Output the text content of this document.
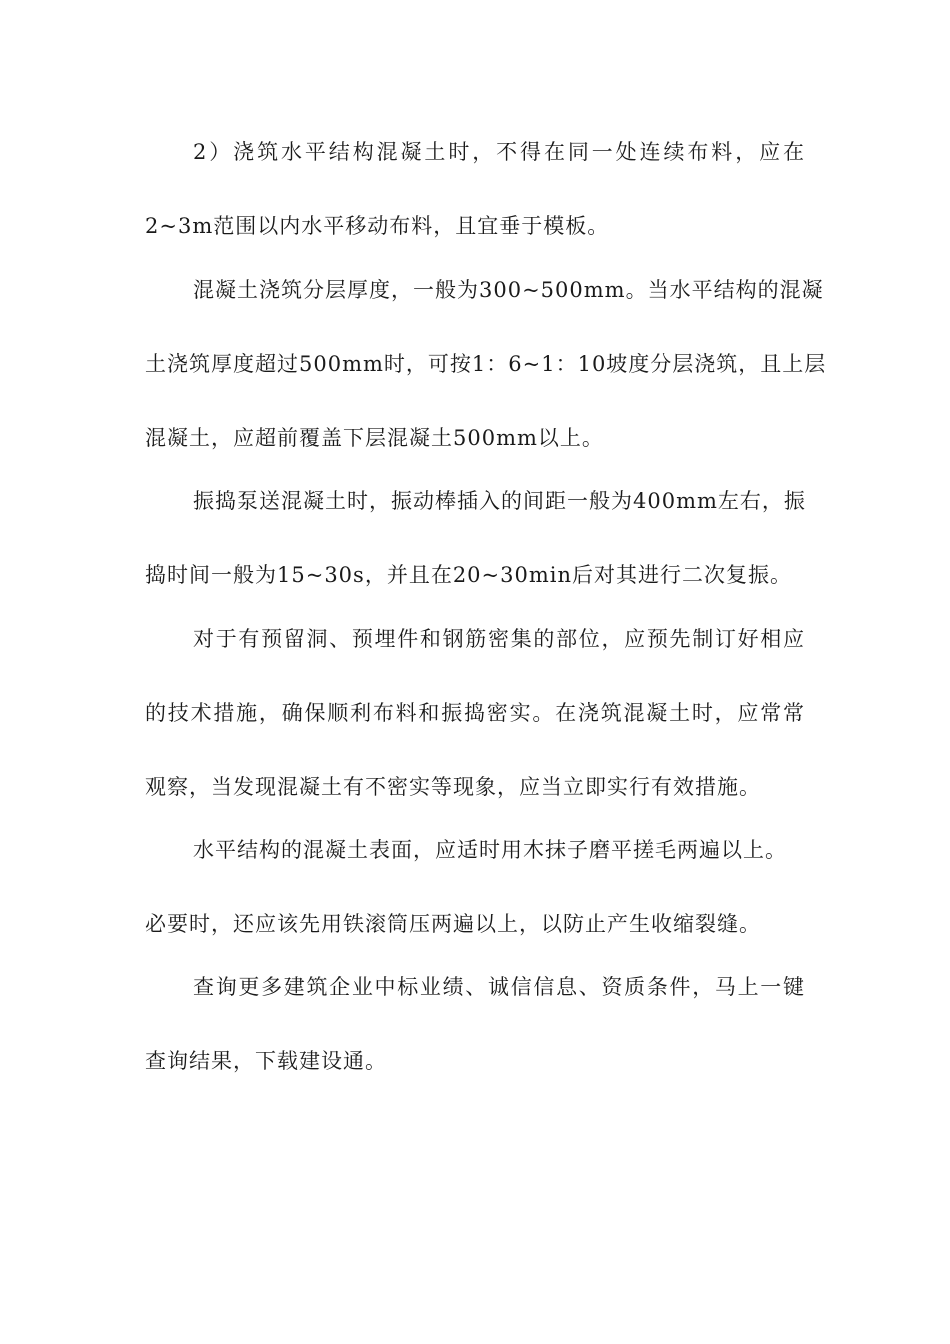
2）浇筑水平结构混凝土时，不得在同一处连续布料，应在
2~3m范围以内水平移动布料，且宜垂于模板。
混凝土浇筑分层厚度，一般为300~500mm。当水平结构的混凝
土浇筑厚度超过500mm时，可按1：6~1：10坡度分层浇筑，且上层
混凝土，应超前覆盖下层混凝土500mm以上。
振捣泵送混凝土时，振动棒插入的间距一般为400mm左右，振
捣时间一般为15~30s，并且在20~30min后对其进行二次复振。
对于有预留洞、预埋件和钢筋密集的部位，应预先制订好相应
的技术措施，确保顺利布料和振捣密实。在浇筑混凝土时，应常常
观察，当发现混凝土有不密实等现象，应当立即实行有效措施。
水平结构的混凝土表面，应适时用木抹子磨平搓毛两遍以上。
必要时，还应该先用铁滚筒压两遍以上，以防止产生收缩裂缝。
查询更多建筑企业中标业绩、诚信信息、资质条件，马上一键
查询结果，下载建设通。
